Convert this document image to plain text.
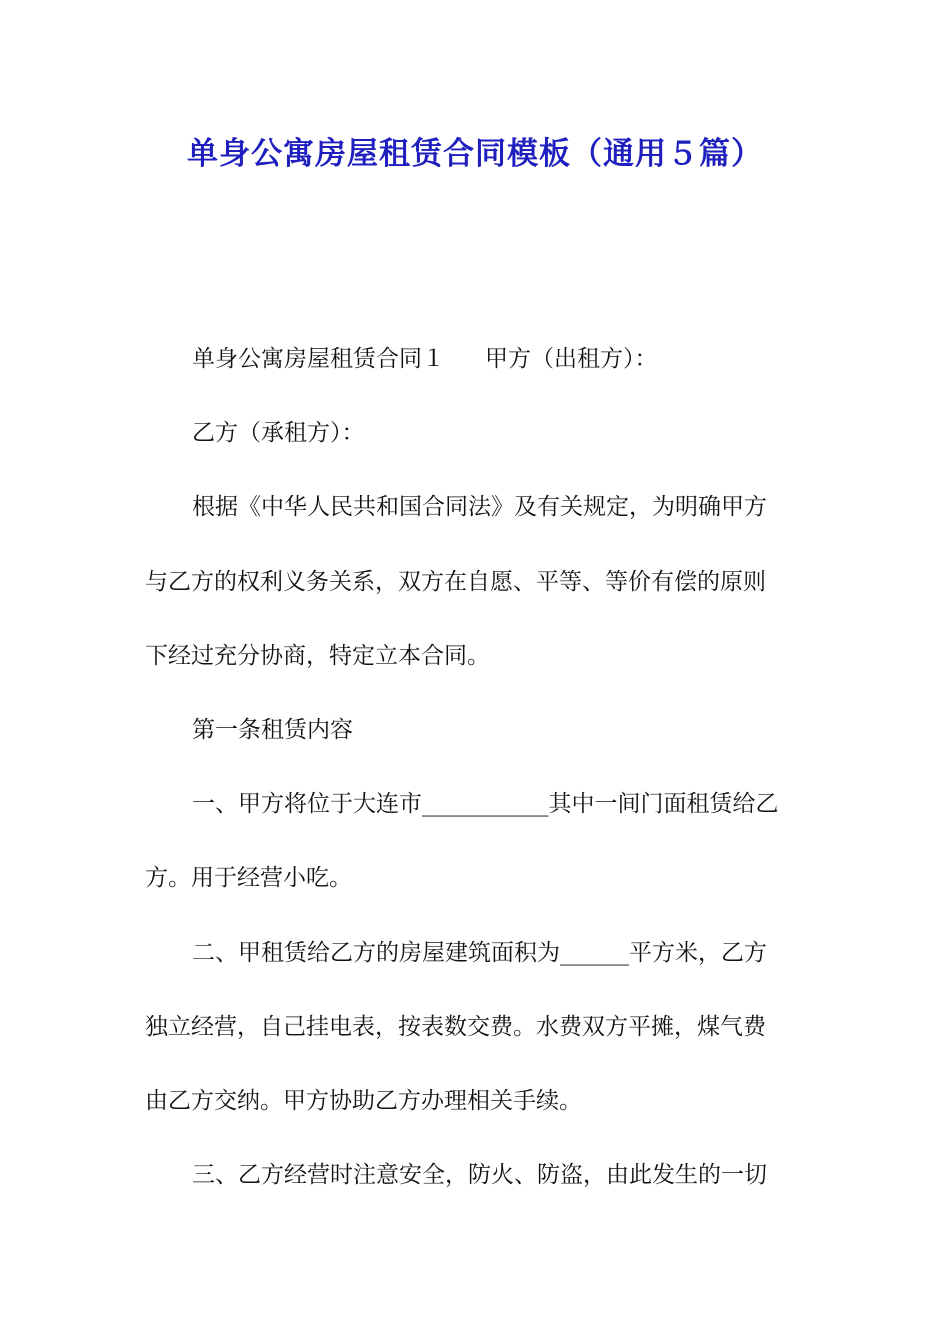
单身公寓房屋租赁合同模板（通用５篇）

单身公寓房屋租赁合同１ 甲方（出租方）：

乙方（承租方）：

根据《中华人民共和国合同法》及有关规定，为明确甲方

与乙方的权利义务关系，双方在自愿、平等、等价有偿的原则

下经过充分协商，特定立本合同。

第一条租赁内容

一、甲方将位于大连市___________其中一间门面租赁给乙

方。用于经营小吃。

二、甲租赁给乙方的房屋建筑面积为______平方米，乙方

独立经营，自己挂电表，按表数交费。水费双方平摊，煤气费

由乙方交纳。甲方协助乙方办理相关手续。

三、乙方经营时注意安全，防火、防盗，由此发生的一切
